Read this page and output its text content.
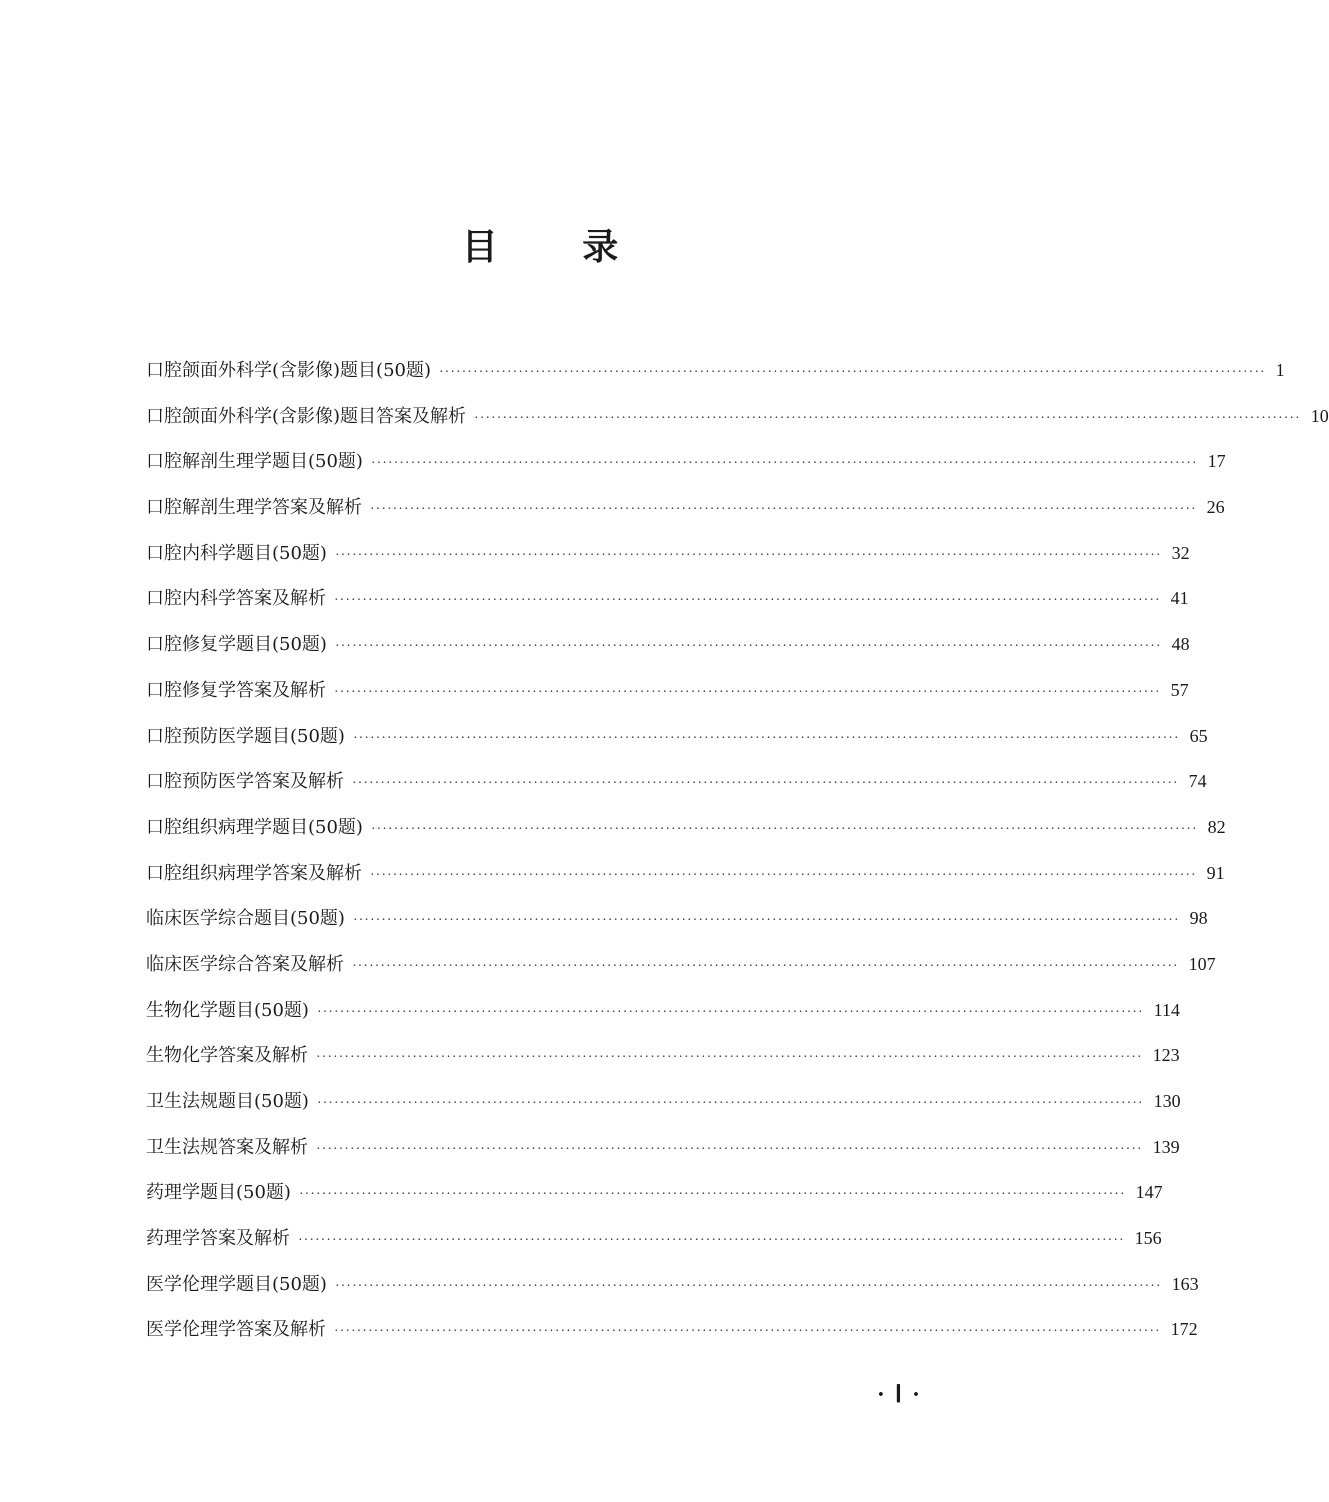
目 录
口腔颌面外科学(含影像)题目(50题) ·················································································································································· 1
口腔颌面外科学(含影像)题目答案及解析 ·················································································································································· 10
口腔解剖生理学题目(50题) ·················································································································································· 17
口腔解剖生理学答案及解析 ·················································································································································· 26
口腔内科学题目(50题) ·················································································································································· 32
口腔内科学答案及解析 ·················································································································································· 41
口腔修复学题目(50题) ·················································································································································· 48
口腔修复学答案及解析 ·················································································································································· 57
口腔预防医学题目(50题) ·················································································································································· 65
口腔预防医学答案及解析 ·················································································································································· 74
口腔组织病理学题目(50题) ·················································································································································· 82
口腔组织病理学答案及解析 ·················································································································································· 91
临床医学综合题目(50题) ·················································································································································· 98
临床医学综合答案及解析 ·················································································································································· 107
生物化学题目(50题) ·················································································································································· 114
生物化学答案及解析 ·················································································································································· 123
卫生法规题目(50题) ·················································································································································· 130
卫生法规答案及解析 ·················································································································································· 139
药理学题目(50题) ·················································································································································· 147
药理学答案及解析 ·················································································································································· 156
医学伦理学题目(50题) ·················································································································································· 163
医学伦理学答案及解析 ·················································································································································· 172
·Ⅰ·
